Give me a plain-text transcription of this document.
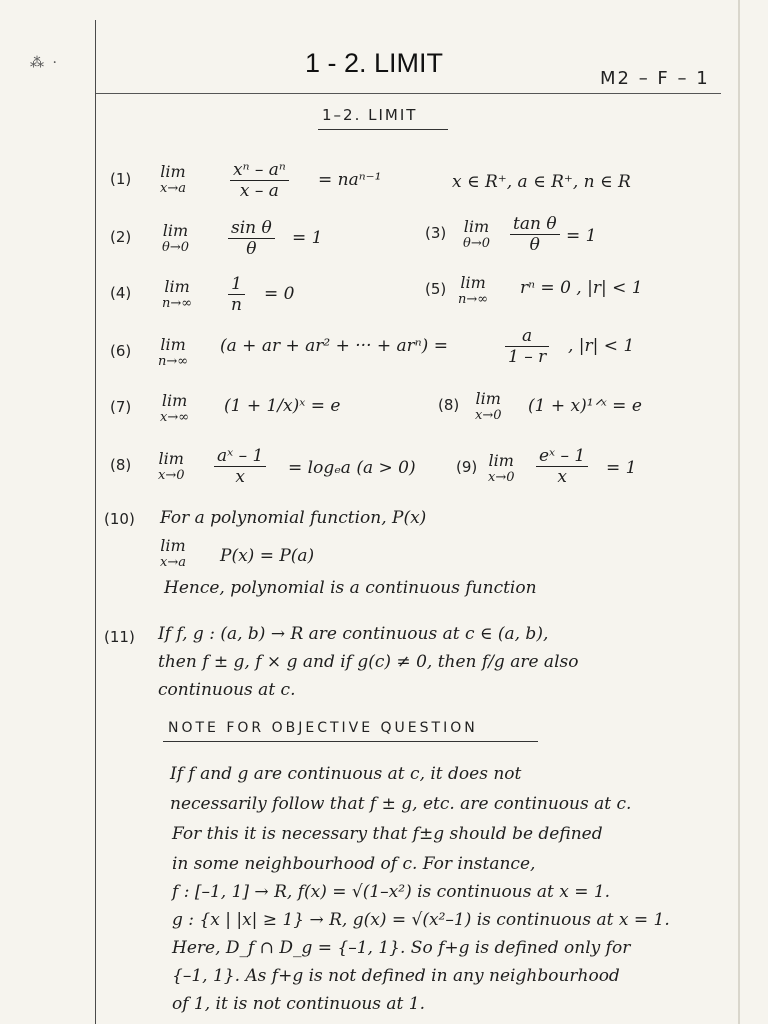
⁂ ·	1 - 2. LIMIT
M2 – F – 1
1–2. LIMIT
(1) lim
x→a	$\frac{\text{xⁿ – aⁿ}}{x - a} = na^{n-1}$	x ∈ R⁺, a ∈ R⁺, n ∈ R
(2) lim
$\theta\to 0 \frac{\text{sin θ}}{\theta} = 1$	(3) lim
$\theta\to 0 \frac{\text{tan θ}}{\theta} = 1$
(4) lim
$n\to\infty \frac{1}{n} = 0$	(5) lim
n→∞
rⁿ = 0 , |r| < 1
(6) lim
n→∞
(a + ar + ar² + ··· + arⁿ) =	$\frac{a}{1 - r}$ , |r| < 1
(7) lim
x→∞
(1 + 1/x)ˣ = e	(8) lim
x→0 (1 + x)¹ᐟˣ = e
(8) lim
$x\to 0 \frac{\text{aˣ – 1}}{x} = \log_ea$ (a > 0)	(9) lim
$x\to 0 \frac{\text{eˣ – 1}}{x} = 1$
(10) For a polynomial function, P(x)
lim
x→a P(x) = P(a)
Hence, polynomial is a continuous function
(11) If f, g : (a, b) → R are continuous at c ∈ (a, b),
then f ± g, f × g and if g(c) ≠ 0, then f/g are also
continuous at c.
NOTE FOR OBJECTIVE QUESTION
If f and g are continuous at c, it does not
necessarily follow that f ± g, etc. are continuous at c.
For this it is necessary that f±g should be defined
in some neighbourhood of c. For instance,
f : [–1, 1] → R, f(x) = √(1–x²) is continuous at x = 1.
g : {x | |x| ≥ 1} → R, g(x) = √(x²–1) is continuous at x = 1.
Here, D_f ∩ D_g = {–1, 1}. So f+g is defined only for
{–1, 1}. As f+g is not defined in any neighbourhood
of 1, it is not continuous at 1.
